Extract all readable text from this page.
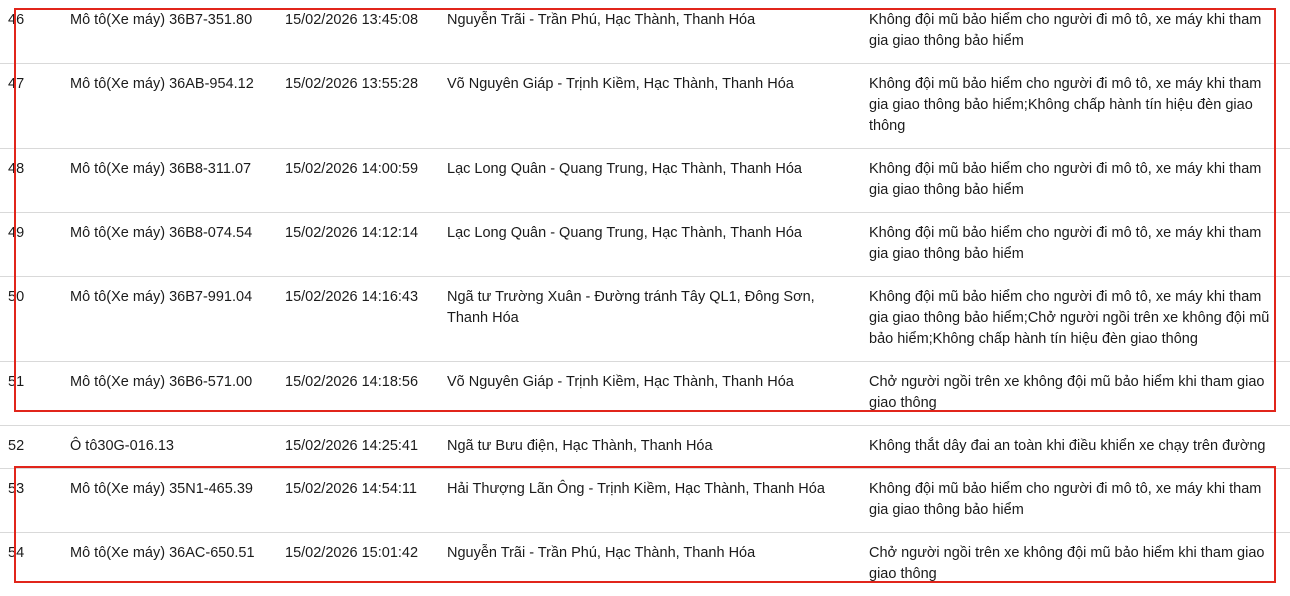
46	Mô tô(Xe máy) 36B7-351.80	15/02/2026 13:45:08	Nguyễn Trãi - Trần Phú, Hạc Thành, Thanh Hóa	Không đội mũ bảo hiểm cho người đi mô tô, xe máy khi tham gia giao thông bảo hiểm
47	Mô tô(Xe máy) 36AB-954.12	15/02/2026 13:55:28	Võ Nguyên Giáp - Trịnh Kiềm, Hạc Thành, Thanh Hóa	Không đội mũ bảo hiểm cho người đi mô tô, xe máy khi tham gia giao thông bảo hiểm;Không chấp hành tín hiệu đèn giao thông
48	Mô tô(Xe máy) 36B8-311.07	15/02/2026 14:00:59	Lạc Long Quân - Quang Trung, Hạc Thành, Thanh Hóa	Không đội mũ bảo hiểm cho người đi mô tô, xe máy khi tham gia giao thông bảo hiểm
49	Mô tô(Xe máy) 36B8-074.54	15/02/2026 14:12:14	Lạc Long Quân - Quang Trung, Hạc Thành, Thanh Hóa	Không đội mũ bảo hiểm cho người đi mô tô, xe máy khi tham gia giao thông bảo hiểm
50	Mô tô(Xe máy) 36B7-991.04	15/02/2026 14:16:43	Ngã tư Trường Xuân - Đường tránh Tây QL1, Đông Sơn, Thanh Hóa	Không đội mũ bảo hiểm cho người đi mô tô, xe máy khi tham gia giao thông bảo hiểm;Chở người ngồi trên xe không đội mũ bảo hiểm;Không chấp hành tín hiệu đèn giao thông
51	Mô tô(Xe máy) 36B6-571.00	15/02/2026 14:18:56	Võ Nguyên Giáp - Trịnh Kiềm, Hạc Thành, Thanh Hóa	Chở người ngồi trên xe không đội mũ bảo hiểm khi tham giao giao thông
52	Ô tô30G-016.13	15/02/2026 14:25:41	Ngã tư Bưu điện, Hạc Thành, Thanh Hóa	Không thắt dây đai an toàn khi điều khiển xe chạy trên đường
53	Mô tô(Xe máy) 35N1-465.39	15/02/2026 14:54:11	Hải Thượng Lãn Ông - Trịnh Kiềm, Hạc Thành, Thanh Hóa	Không đội mũ bảo hiểm cho người đi mô tô, xe máy khi tham gia giao thông bảo hiểm
54	Mô tô(Xe máy) 36AC-650.51	15/02/2026 15:01:42	Nguyễn Trãi - Trần Phú, Hạc Thành, Thanh Hóa	Chở người ngồi trên xe không đội mũ bảo hiểm khi tham giao giao thông
